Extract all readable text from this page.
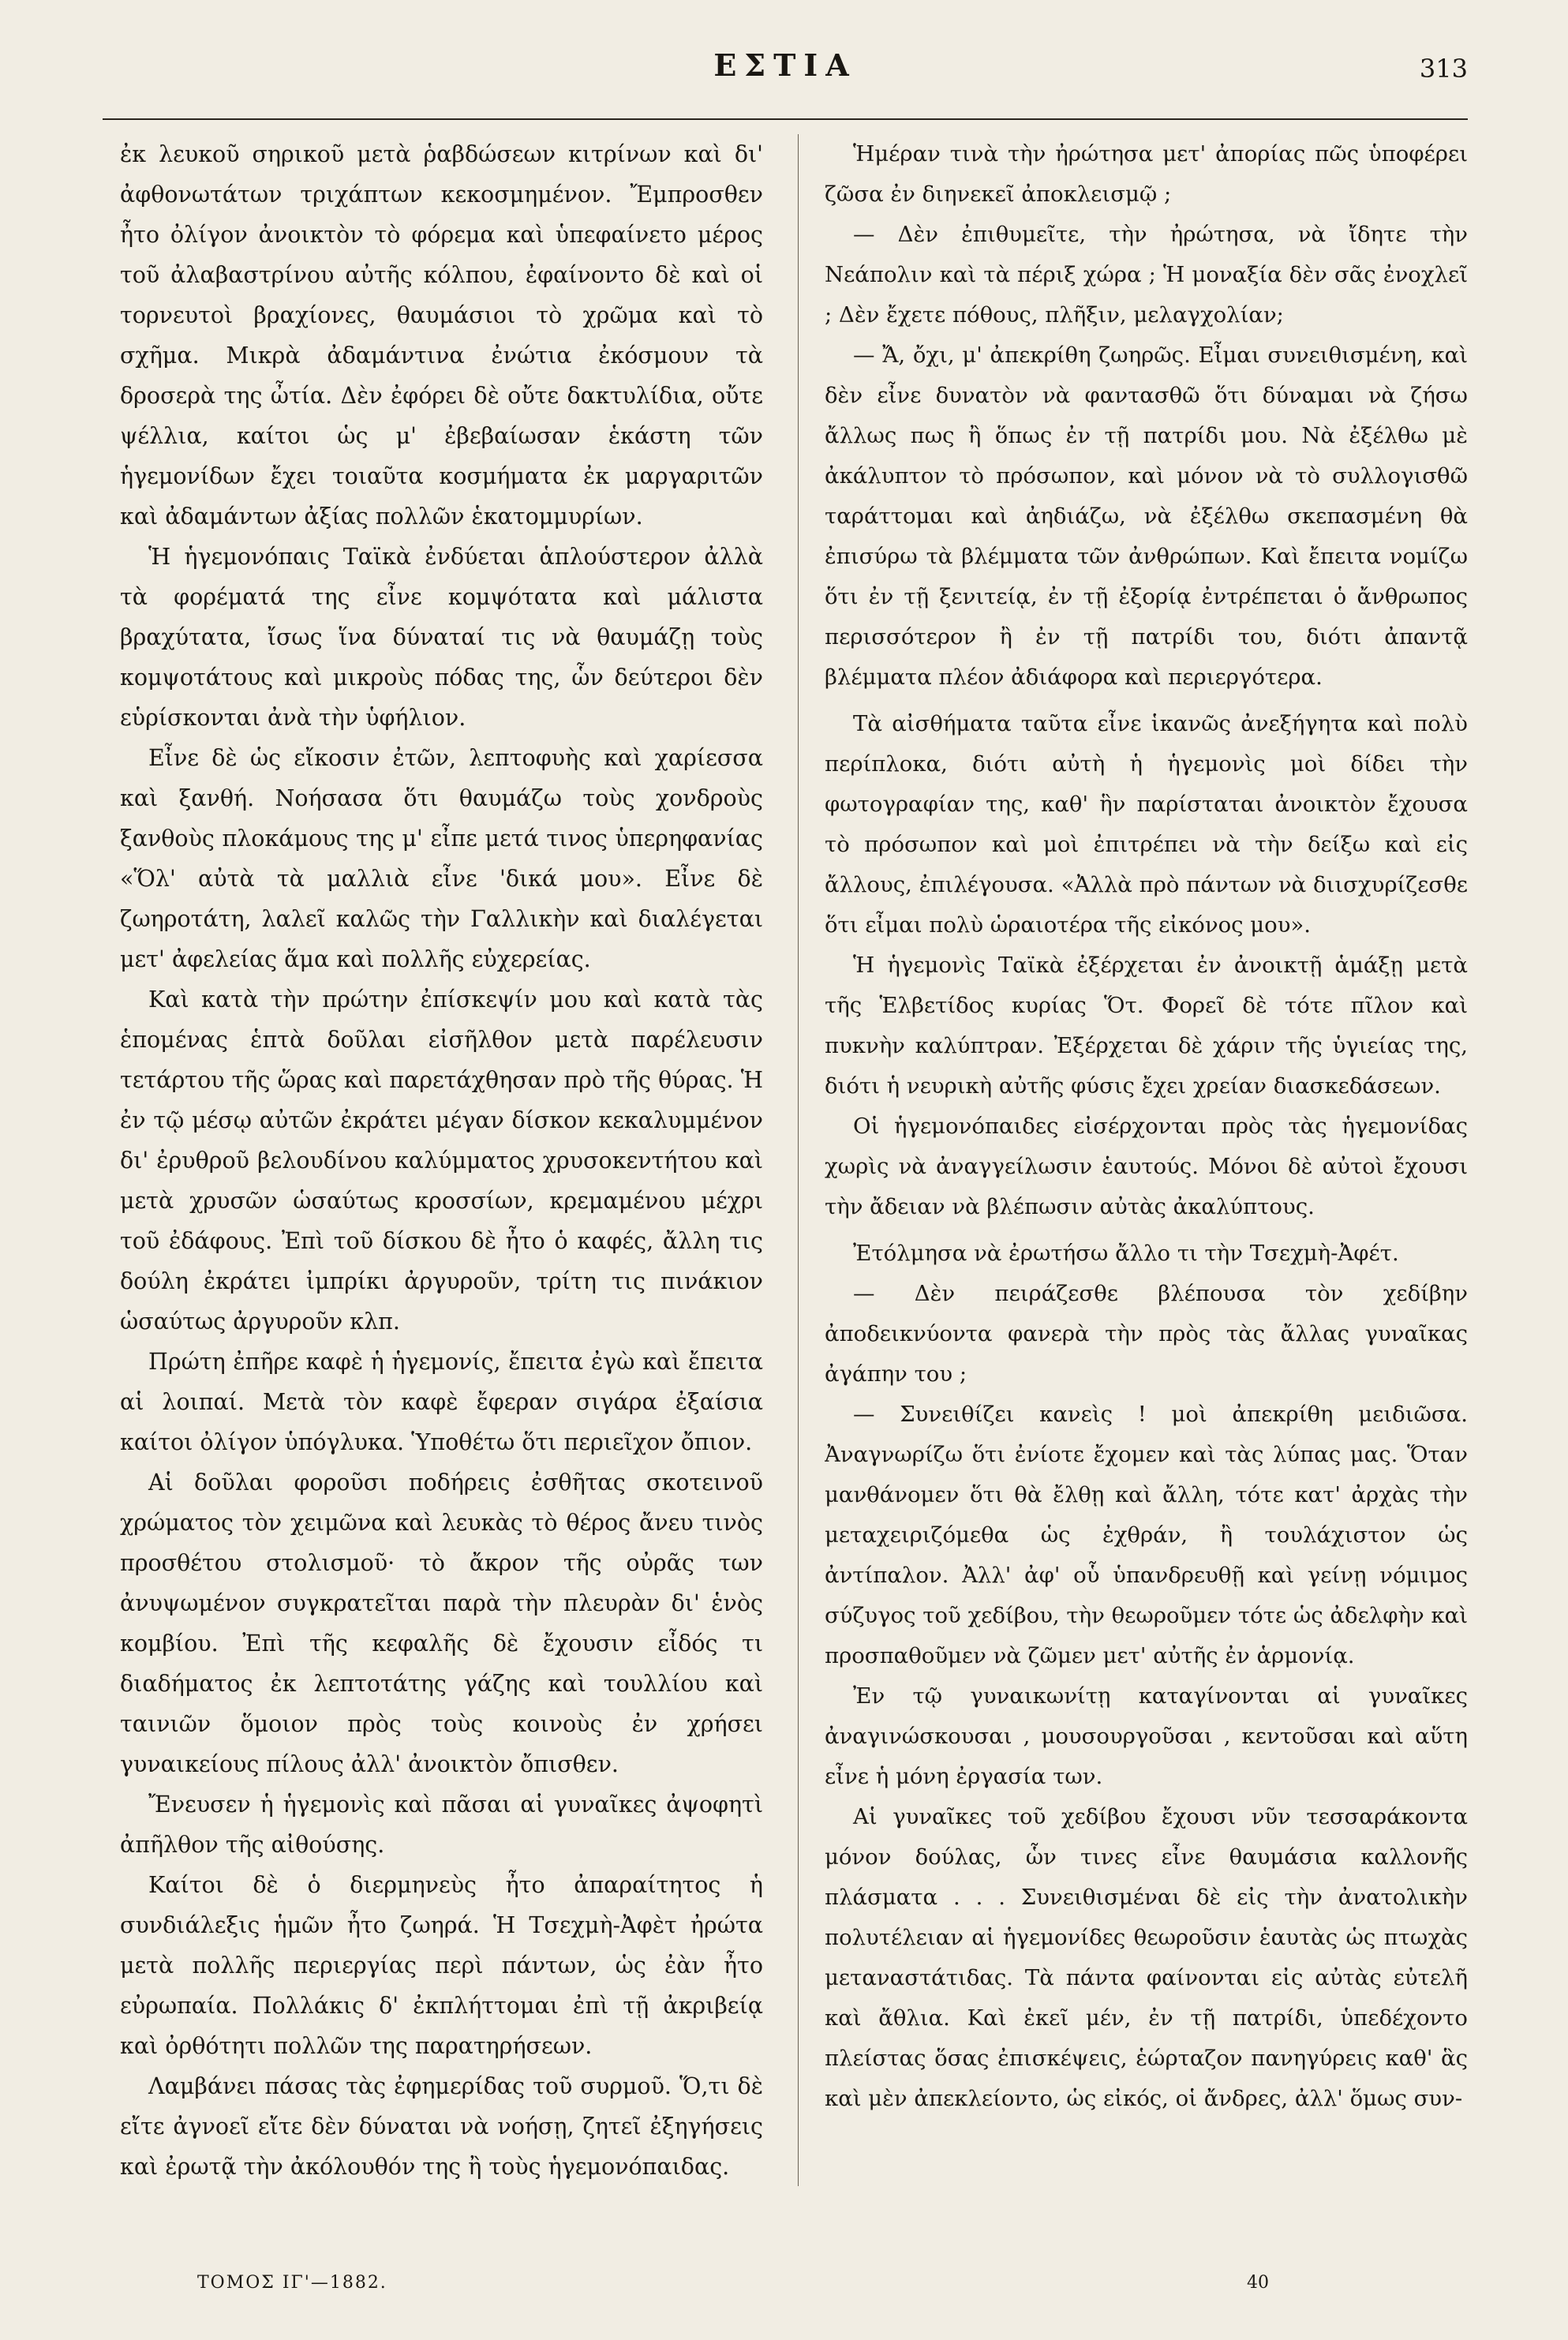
ΕΣΤΙΑ	313

ἐκ λευκοῦ σηρικοῦ μετὰ ῥαβδώσεων κιτρίνων καὶ δι' ἀφθονωτάτων τριχάπτων κεκοσμημένον. Ἔμπροσθεν ἦτο ὀλίγον ἀνοικτὸν τὸ φόρεμα καὶ ὑπεφαίνετο μέρος τοῦ ἀλαβαστρίνου αὐτῆς κόλπου, ἐφαίνοντο δὲ καὶ οἱ τορνευτοὶ βραχίονες, θαυμάσιοι τὸ χρῶμα καὶ τὸ σχῆμα. Μικρὰ ἀδαμάντινα ἐνώτια ἐκόσμουν τὰ δροσερὰ της ὦτία. Δὲν ἐφόρει δὲ οὔτε δακτυλίδια, οὔτε ψέλλια, καίτοι ὡς μ' ἐβεβαίωσαν ἑκάστη τῶν ἡγεμονίδων ἔχει τοιαῦτα κοσμήματα ἐκ μαργαριτῶν καὶ ἀδαμάντων ἀξίας πολλῶν ἑκατομμυρίων.

Ἡ ἡγεμονόπαις Ταϊκὰ ἐνδύεται ἁπλούστερον ἀλλὰ τὰ φορέματά της εἶνε κομψότατα καὶ μάλιστα βραχύτατα, ἴσως ἵνα δύναταί τις νὰ θαυμάζῃ τοὺς κομψοτάτους καὶ μικροὺς πόδας της, ὧν δεύτεροι δὲν εὑρίσκονται ἀνὰ τὴν ὑφήλιον.

Εἶνε δὲ ὡς εἴκοσιν ἐτῶν, λεπτοφυὴς καὶ χαρίεσσα καὶ ξανθή. Νοήσασα ὅτι θαυμάζω τοὺς χονδροὺς ξανθοὺς πλοκάμους της μ' εἶπε μετά τινος ὑπερηφανίας «Ὅλ' αὐτὰ τὰ μαλλιὰ εἶνε 'δικά μου». Εἶνε δὲ ζωηροτάτη, λαλεῖ καλῶς τὴν Γαλλικὴν καὶ διαλέγεται μετ' ἀφελείας ἅμα καὶ πολλῆς εὐχερείας.

Καὶ κατὰ τὴν πρώτην ἐπίσκεψίν μου καὶ κατὰ τὰς ἑπομένας ἑπτὰ δοῦλαι εἰσῆλθον μετὰ παρέλευσιν τετάρτου τῆς ὥρας καὶ παρετάχθησαν πρὸ τῆς θύρας. Ἡ ἐν τῷ μέσῳ αὐτῶν ἐκράτει μέγαν δίσκον κεκαλυμμένον δι' ἐρυθροῦ βελουδίνου καλύμματος χρυσοκεντήτου καὶ μετὰ χρυσῶν ὡσαύτως κροσσίων, κρεμαμένου μέχρι τοῦ ἐδάφους. Ἐπὶ τοῦ δίσκου δὲ ἦτο ὁ καφές, ἄλλη τις δούλη ἐκράτει ἰμπρίκι ἀργυροῦν, τρίτη τις πινάκιον ὡσαύτως ἀργυροῦν κλπ.

Πρώτη ἐπῆρε καφὲ ἡ ἡγεμονίς, ἔπειτα ἐγὼ καὶ ἔπειτα αἱ λοιπαί. Μετὰ τὸν καφὲ ἔφεραν σιγάρα ἐξαίσια καίτοι ὀλίγον ὑπόγλυκα. Ὑποθέτω ὅτι περιεῖχον ὄπιον.

Αἱ δοῦλαι φοροῦσι ποδήρεις ἐσθῆτας σκοτεινοῦ χρώματος τὸν χειμῶνα καὶ λευκὰς τὸ θέρος ἄνευ τινὸς προσθέτου στολισμοῦ· τὸ ἄκρον τῆς οὐρᾶς των ἀνυψωμένον συγκρατεῖται παρὰ τὴν πλευρὰν δι' ἑνὸς κομβίου. Ἐπὶ τῆς κεφαλῆς δὲ ἔχουσιν εἶδός τι διαδήματος ἐκ λεπτοτάτης γάζης καὶ τουλλίου καὶ ταινιῶν ὅμοιον πρὸς τοὺς κοινοὺς ἐν χρήσει γυναικείους πίλους ἀλλ' ἀνοικτὸν ὄπισθεν.

Ἔνευσεν ἡ ἡγεμονὶς καὶ πᾶσαι αἱ γυναῖκες ἀψοφητὶ ἀπῆλθον τῆς αἰθούσης.

Καίτοι δὲ ὁ διερμηνεὺς ἦτο ἀπαραίτητος ἡ συνδιάλεξις ἡμῶν ἦτο ζωηρά. Ἡ Τσεχμὴ-Ἀφὲτ ἠρώτα μετὰ πολλῆς περιεργίας περὶ πάντων, ὡς ἐὰν ἦτο εὐρωπαία. Πολλάκις δ' ἐκπλήττομαι ἐπὶ τῇ ἀκριβείᾳ καὶ ὀρθότητι πολλῶν της παρατηρήσεων.

Λαμβάνει πάσας τὰς ἐφημερίδας τοῦ συρμοῦ. Ὅ,τι δὲ εἴτε ἀγνοεῖ εἴτε δὲν δύναται νὰ νοήσῃ, ζητεῖ ἐξηγήσεις καὶ ἐρωτᾷ τὴν ἀκόλουθόν της ἢ τοὺς ἡγεμονόπαιδας.

Ἡμέραν τινὰ τὴν ἠρώτησα μετ' ἀπορίας πῶς ὑποφέρει ζῶσα ἐν διηνεκεῖ ἀποκλεισμῷ ;

— Δὲν ἐπιθυμεῖτε, τὴν ἠρώτησα, νὰ ἴδητε τὴν Νεάπολιν καὶ τὰ πέριξ χώρα ; Ἡ μοναξία δὲν σᾶς ἐνοχλεῖ ; Δὲν ἔχετε πόθους, πλῆξιν, μελαγχολίαν;

— Ἄ, ὄχι, μ' ἀπεκρίθη ζωηρῶς. Εἶμαι συνειθισμένη, καὶ δὲν εἶνε δυνατὸν νὰ φαντασθῶ ὅτι δύναμαι νὰ ζήσω ἄλλως πως ἢ ὅπως ἐν τῇ πατρίδι μου. Νὰ ἐξέλθω μὲ ἀκάλυπτον τὸ πρόσωπον, καὶ μόνον νὰ τὸ συλλογισθῶ ταράττομαι καὶ ἀηδιάζω, νὰ ἐξέλθω σκεπασμένη θὰ ἐπισύρω τὰ βλέμματα τῶν ἀνθρώπων. Καὶ ἔπειτα νομίζω ὅτι ἐν τῇ ξενιτείᾳ, ἐν τῇ ἐξορίᾳ ἐντρέπεται ὁ ἄνθρωπος περισσότερον ἢ ἐν τῇ πατρίδι του, διότι ἀπαντᾷ βλέμματα πλέον ἀδιάφορα καὶ περιεργότερα.

Τὰ αἰσθήματα ταῦτα εἶνε ἱκανῶς ἀνεξήγητα καὶ πολὺ περίπλοκα, διότι αὐτὴ ἡ ἡγεμονὶς μοὶ δίδει τὴν φωτογραφίαν της, καθ' ἣν παρίσταται ἀνοικτὸν ἔχουσα τὸ πρόσωπον καὶ μοὶ ἐπιτρέπει νὰ τὴν δείξω καὶ εἰς ἄλλους, ἐπιλέγουσα. «Ἀλλὰ πρὸ πάντων νὰ διισχυρίζεσθε ὅτι εἶμαι πολὺ ὡραιοτέρα τῆς εἰκόνος μου».

Ἡ ἡγεμονὶς Ταϊκὰ ἐξέρχεται ἐν ἀνοικτῇ ἁμάξῃ μετὰ τῆς Ἑλβετίδος κυρίας Ὅτ. Φορεῖ δὲ τότε πῖλον καὶ πυκνὴν καλύπτραν. Ἐξέρχεται δὲ χάριν τῆς ὑγιείας της, διότι ἡ νευρικὴ αὐτῆς φύσις ἔχει χρείαν διασκεδάσεων.

Οἱ ἡγεμονόπαιδες εἰσέρχονται πρὸς τὰς ἡγεμονίδας χωρὶς νὰ ἀναγγείλωσιν ἑαυτούς. Μόνοι δὲ αὐτοὶ ἔχουσι τὴν ἄδειαν νὰ βλέπωσιν αὐτὰς ἀκαλύπτους.

Ἐτόλμησα νὰ ἐρωτήσω ἄλλο τι τὴν Τσεχμὴ-Ἀφέτ.

— Δὲν πειράζεσθε βλέπουσα τὸν χεδίβην ἀποδεικνύοντα φανερὰ τὴν πρὸς τὰς ἄλλας γυναῖκας ἀγάπην του ;

— Συνειθίζει κανεὶς ! μοὶ ἀπεκρίθη μειδιῶσα. Ἀναγνωρίζω ὅτι ἐνίοτε ἔχομεν καὶ τὰς λύπας μας. Ὅταν μανθάνομεν ὅτι θὰ ἔλθῃ καὶ ἄλλη, τότε κατ' ἀρχὰς τὴν μεταχειριζόμεθα ὡς ἐχθράν, ἢ τουλάχιστον ὡς ἀντίπαλον. Ἀλλ' ἀφ' οὗ ὑπανδρευθῇ καὶ γείνῃ νόμιμος σύζυγος τοῦ χεδίβου, τὴν θεωροῦμεν τότε ὡς ἀδελφὴν καὶ προσπαθοῦμεν νὰ ζῶμεν μετ' αὐτῆς ἐν ἁρμονίᾳ.

Ἐν τῷ γυναικωνίτῃ καταγίνονται αἱ γυναῖκες ἀναγινώσκουσαι , μουσουργοῦσαι , κεντοῦσαι καὶ αὕτη εἶνε ἡ μόνη ἐργασία των.

Αἱ γυναῖκες τοῦ χεδίβου ἔχουσι νῦν τεσσαράκοντα μόνον δούλας, ὧν τινες εἶνε θαυμάσια καλλονῆς πλάσματα . . . Συνειθισμέναι δὲ εἰς τὴν ἀνατολικὴν πολυτέλειαν αἱ ἡγεμονίδες θεωροῦσιν ἑαυτὰς ὡς πτωχὰς μεταναστάτιδας. Τὰ πάντα φαίνονται εἰς αὐτὰς εὐτελῆ καὶ ἄθλια. Καὶ ἐκεῖ μέν, ἐν τῇ πατρίδι, ὑπεδέχοντο πλείστας ὅσας ἐπισκέψεις, ἑώρταζον πανηγύρεις καθ' ἃς καὶ μὲν ἀπεκλείοντο, ὡς εἰκός, οἱ ἄνδρες, ἀλλ' ὅμως συν-

ΤΟΜΟΣ ΙΓ'—1882.	40
